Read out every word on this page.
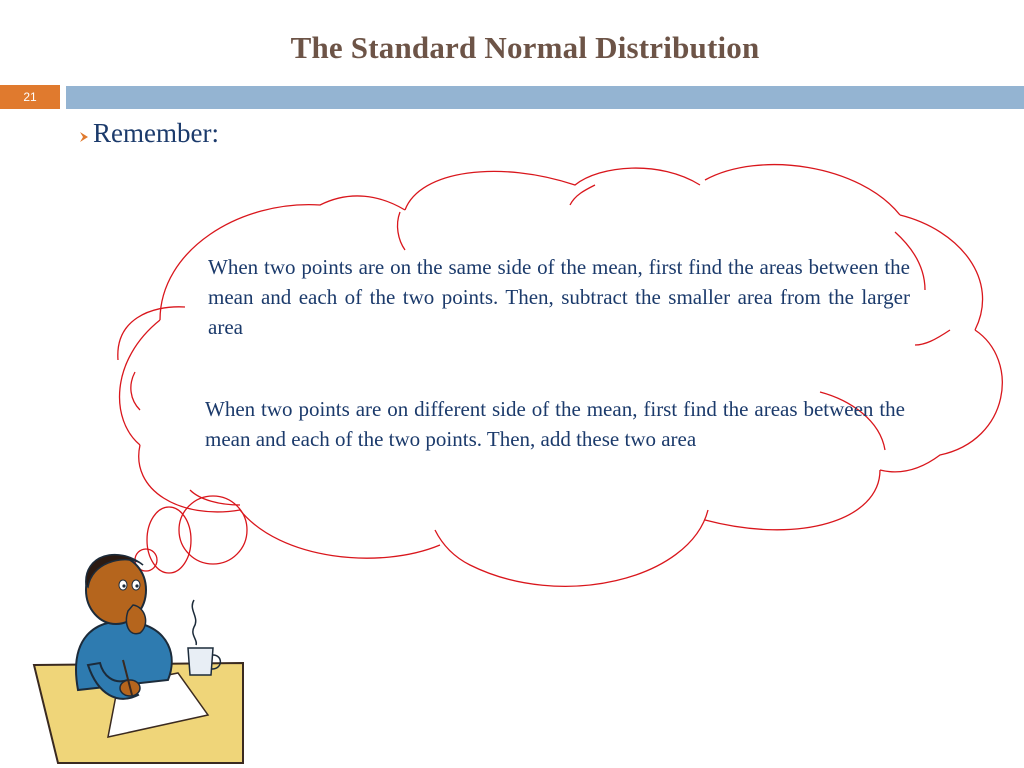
The Standard Normal Distribution
21
Remember:
When two points are on the same side of the mean, first find the areas between the mean and each of the two points. Then, subtract the smaller area from the larger area
When two points are on different side of the mean, first find the areas between the mean and each of the two points. Then, add these two area
